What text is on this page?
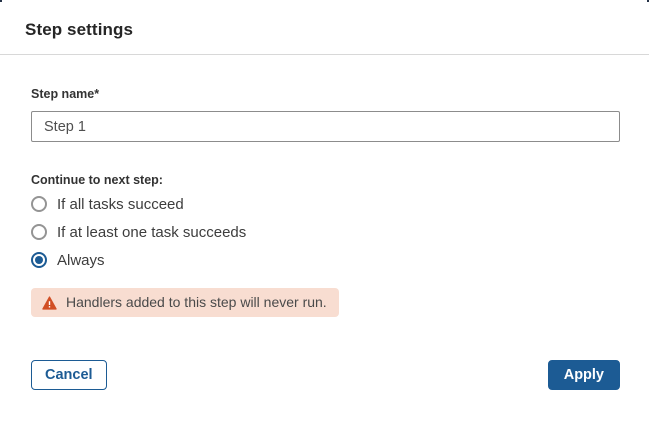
Step settings
Step name*
Step 1
Continue to next step:
If all tasks succeed
If at least one task succeeds
Always
Handlers added to this step will never run.
Cancel	Apply
